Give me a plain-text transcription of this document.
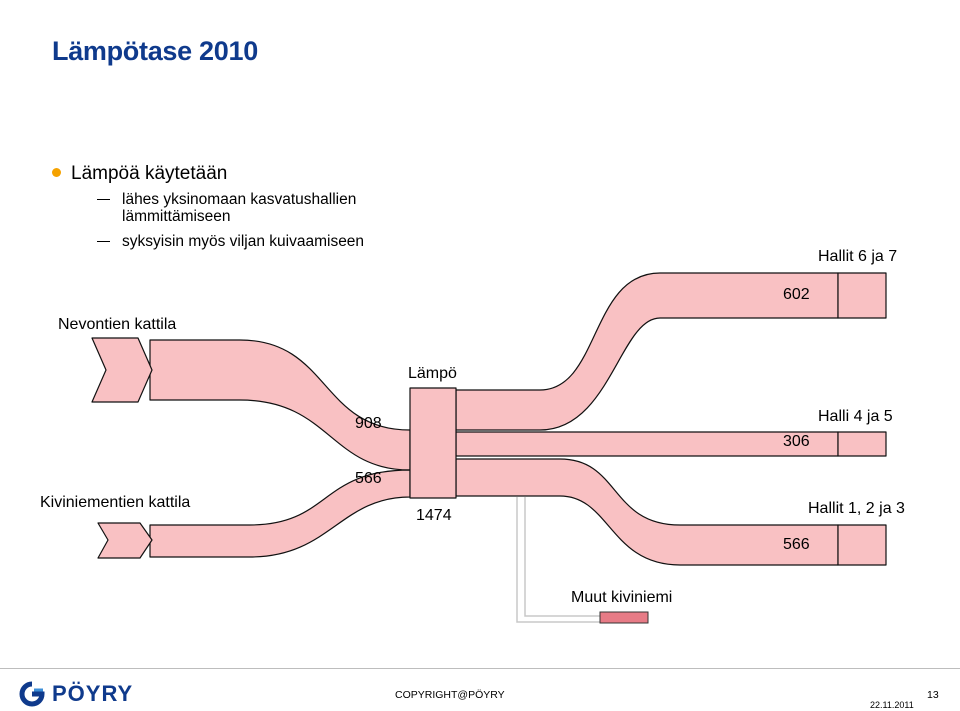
Lämpötase 2010
Lämpöä käytetään
lähes yksinomaan kasvatushallien
lämmittämiseen
syksyisin myös viljan kuivaamiseen
Nevontien kattila
Kiviniementien kattila
Lämpö
908
566
1474
Hallit 6 ja 7
602
Halli 4 ja 5
306
Hallit 1, 2 ja 3
566
Muut kiviniemi
PÖYRY	COPYRIGHT@PÖYRY	13
22.11.2011
